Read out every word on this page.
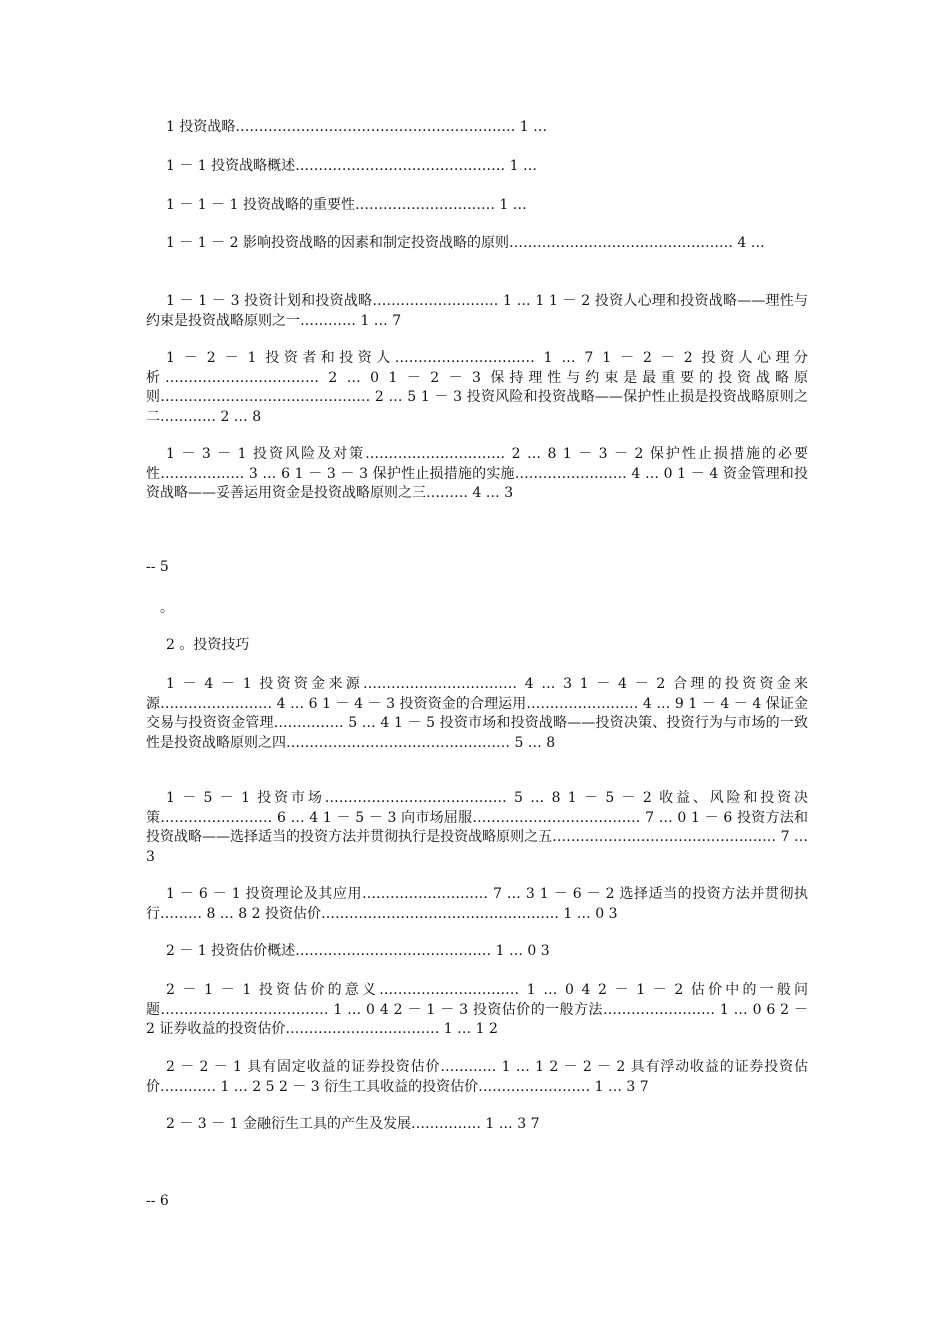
1 投资战略…………………………………………………… 1 …

1 － 1 投资战略概述……………………………………… 1 …

1 － 1 － 1 投资战略的重要性………………………… 1 …

1 － 1 － 2 影响投资战略的因素和制定投资战略的原则………………………………………… 4 …

1 － 1 － 3 投资计划和投资战略……………………… 1 … 1 1 － 2 投资人心理和投资战略——理性与约束是投资战略原则之一………… 1 … 7

1 － 2 － 1 投资者和投资人………………………… 1 … 7 1 － 2 － 2 投资人心理分析…………………………… 2 … 0 1 － 2 － 3 保持理性与约束是最重要的投资战略原则……………………………………… 2 … 5 1 － 3 投资风险和投资战略——保护性止损是投资战略原则之二………… 2 … 8

1 － 3 － 1 投资风险及对策………………………… 2 … 8 1 － 3 － 2 保护性止损措施的必要性……………… 3 … 6 1 － 3 － 3 保护性止损措施的实施…………………… 4 … 0 1 － 4 资金管理和投资战略——妥善运用资金是投资战略原则之三……… 4 … 3

-- 5

。

2 。投资技巧

1 － 4 － 1 投资资金来源…………………………… 4 … 3 1 － 4 － 2 合理的投资资金来源…………………… 4 … 6 1 － 4 － 3 投资资金的合理运用…………………… 4 … 9 1 － 4 － 4 保证金交易与投资资金管理…………… 5 … 4 1 － 5 投资市场和投资战略——投资决策、投资行为与市场的一致性是投资战略原则之四………………………………………… 5 … 8

1 － 5 － 1 投资市场………………………………… 5 … 8 1 － 5 － 2 收益、风险和投资决策…………………… 6 … 4 1 － 5 － 3 向市场屈服……………………………… 7 … 0 1 － 6 投资方法和投资战略——选择适当的投资方法并贯彻执行是投资战略原则之五………………………………………… 7 … 3

1 － 6 － 1 投资理论及其应用……………………… 7 … 3 1 － 6 － 2 选择适当的投资方法并贯彻执行……… 8 … 8 2 投资估价…………………………………………… 1 … 0 3

2 － 1 投资估价概述…………………………………… 1 … 0 3

2 － 1 － 1 投资估价的意义………………………… 1 … 0 4 2 － 1 － 2 估价中的一般问题……………………………… 1 … 0 4 2 － 1 － 3 投资估价的一般方法…………………… 1 … 0 6 2 － 2 证券收益的投资估价…………………………… 1 … 1 2

2 － 2 － 1 具有固定收益的证券投资估价………… 1 … 1 2 － 2 － 2 具有浮动收益的证券投资估价………… 1 … 2 5 2 － 3 衍生工具收益的投资估价…………………… 1 … 3 7

2 － 3 － 1 金融衍生工具的产生及发展…………… 1 … 3 7

-- 6
